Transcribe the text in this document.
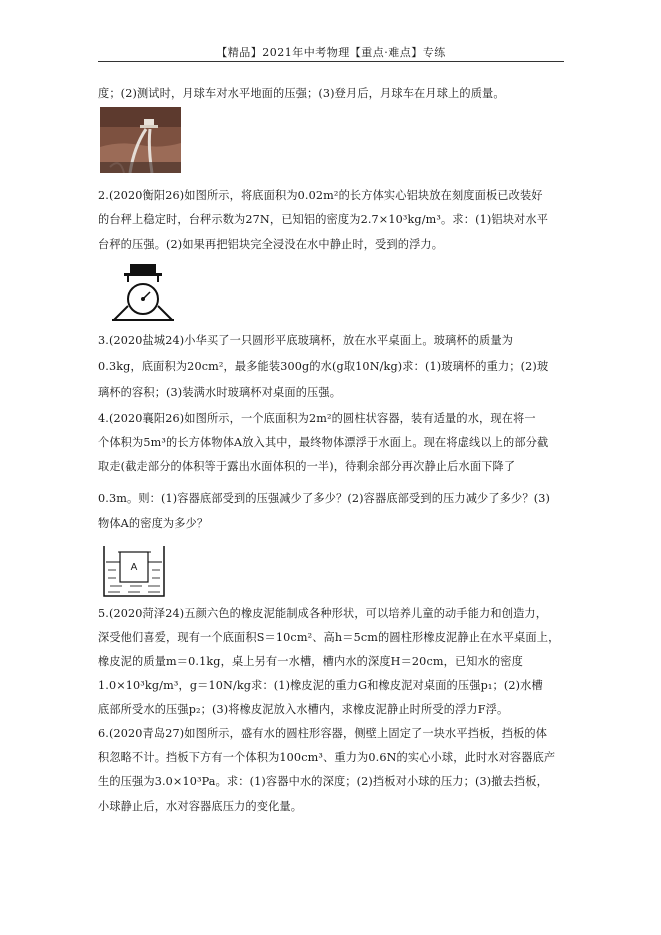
【精品】2021年中考物理【重点·难点】专练
度；(2)测试时，月球车对水平地面的压强；(3)登月后，月球车在月球上的质量。
2.(2020衡阳26)如图所示，将底面积为0.02m²的长方体实心铝块放在刻度面板已改装好
的台秤上稳定时，台秤示数为27N，已知铝的密度为2.7×10³kg/m³。求：(1)铝块对水平
台秤的压强。(2)如果再把铝块完全浸没在水中静止时，受到的浮力。
3.(2020盐城24)小华买了一只圆形平底玻璃杯，放在水平桌面上。玻璃杯的质量为
0.3kg，底面积为20cm²，最多能装300g的水(g取10N/kg)求：(1)玻璃杯的重力；(2)玻
璃杯的容积；(3)装满水时玻璃杯对桌面的压强。
4.(2020襄阳26)如图所示，一个底面积为2m²的圆柱状容器，装有适量的水，现在将一
个体积为5m³的长方体物体A放入其中，最终物体漂浮于水面上。现在将虚线以上的部分截
取走(截走部分的体积等于露出水面体积的一半)，待剩余部分再次静止后水面下降了
0.3m。则：(1)容器底部受到的压强减少了多少？(2)容器底部受到的压力减少了多少？(3)
物体A的密度为多少？
A
5.(2020菏泽24)五颜六色的橡皮泥能制成各种形状，可以培养儿童的动手能力和创造力，
深受他们喜爱，现有一个底面积S＝10cm²、高h＝5cm的圆柱形橡皮泥静止在水平桌面上，
橡皮泥的质量m＝0.1kg，桌上另有一水槽，槽内水的深度H＝20cm，已知水的密度
1.0×10³kg/m³，g＝10N/kg求：(1)橡皮泥的重力G和橡皮泥对桌面的压强p₁；(2)水槽
底部所受水的压强p₂；(3)将橡皮泥放入水槽内，求橡皮泥静止时所受的浮力F浮。
6.(2020青岛27)如图所示，盛有水的圆柱形容器，侧壁上固定了一块水平挡板，挡板的体
积忽略不计。挡板下方有一个体积为100cm³、重力为0.6N的实心小球，此时水对容器底产
生的压强为3.0×10³Pa。求：(1)容器中水的深度；(2)挡板对小球的压力；(3)撤去挡板，
小球静止后，水对容器底压力的变化量。
